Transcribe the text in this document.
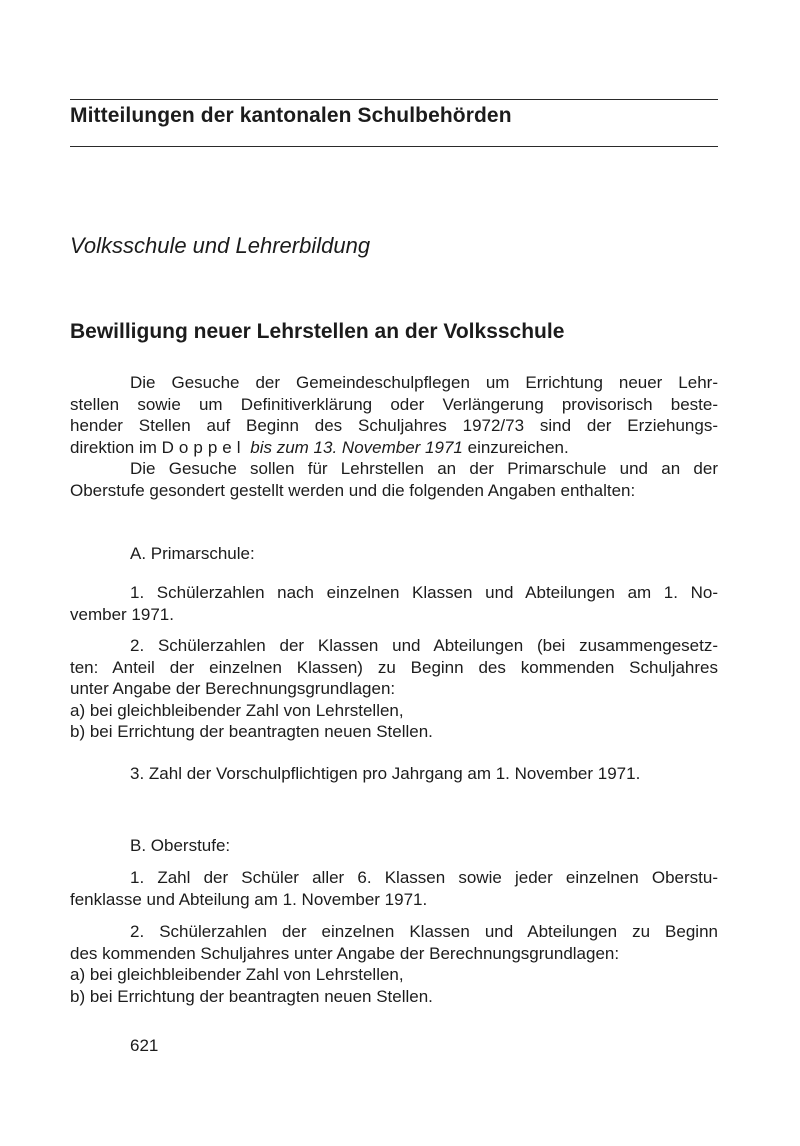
Mitteilungen der kantonalen Schulbehörden
Volksschule und Lehrerbildung
Bewilligung neuer Lehrstellen an der Volksschule

Die Gesuche der Gemeindeschulpflegen um Errichtung neuer Lehr-

stellen sowie um Definitiverklärung oder Verlängerung provisorisch beste-

hender Stellen auf Beginn des Schuljahres 1972/73 sind der Erziehungs-

direktion im Doppel bis zum 13. November 1971 einzureichen.

Die Gesuche sollen für Lehrstellen an der Primarschule und an der

Oberstufe gesondert gestellt werden und die folgenden Angaben enthalten:

A. Primarschule:

1. Schülerzahlen nach einzelnen Klassen und Abteilungen am 1. No-

vember 1971.

2. Schülerzahlen der Klassen und Abteilungen (bei zusammengesetz-

ten: Anteil der einzelnen Klassen) zu Beginn des kommenden Schuljahres

unter Angabe der Berechnungsgrundlagen:

a) bei gleichbleibender Zahl von Lehrstellen,

b) bei Errichtung der beantragten neuen Stellen.

3. Zahl der Vorschulpflichtigen pro Jahrgang am 1. November 1971.

B. Oberstufe:

1. Zahl der Schüler aller 6. Klassen sowie jeder einzelnen Oberstu-

fenklasse und Abteilung am 1. November 1971.

2. Schülerzahlen der einzelnen Klassen und Abteilungen zu Beginn

des kommenden Schuljahres unter Angabe der Berechnungsgrundlagen:

a) bei gleichbleibender Zahl von Lehrstellen,

b) bei Errichtung der beantragten neuen Stellen.

621
